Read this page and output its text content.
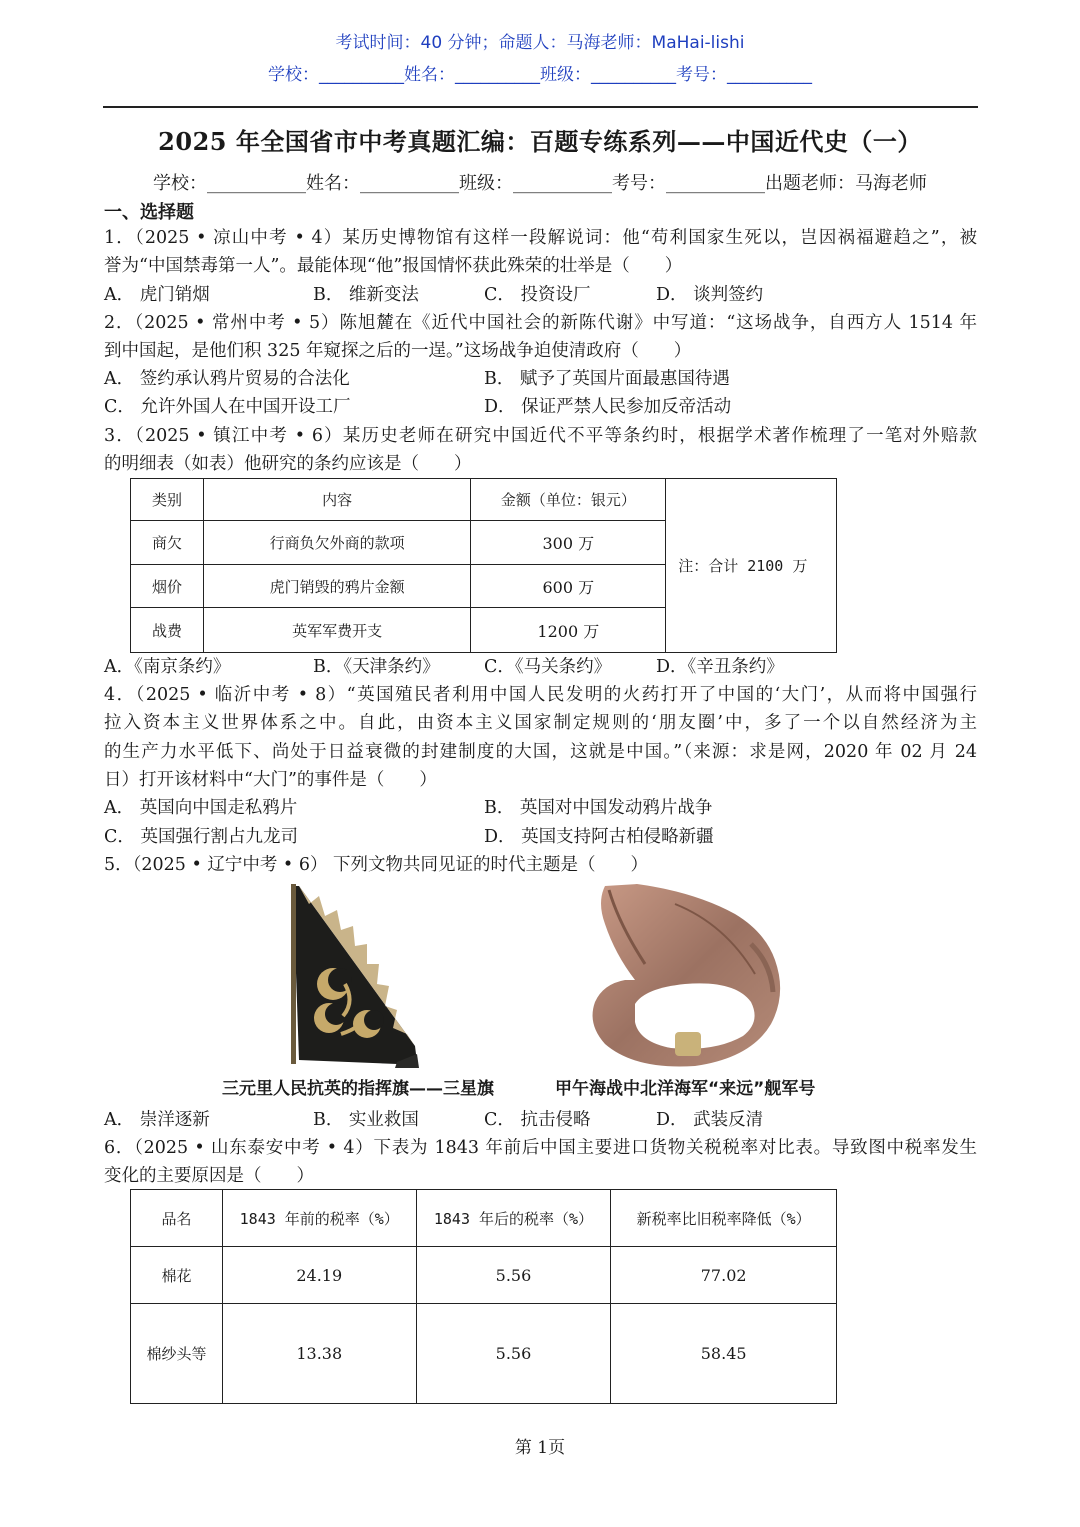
考试时间：40 分钟；命题人：马海老师：MaHai-lishi
学校：__________姓名：__________班级：__________考号：__________
2025 年全国省市中考真题汇编：百题专练系列——中国近代史（一）
学校：___________姓名：___________班级：___________考号：___________出题老师：马海老师
一、选择题
1．（2025 • 凉山中考 • 4）某历史博物馆有这样一段解说词：他“苟利国家生死以，岂因祸福避趋之”，被
誉为“中国禁毒第一人”。最能体现“他”报国情怀获此殊荣的壮举是（　　）
A． 虎门销烟	B． 维新变法	C． 投资设厂	D． 谈判签约
2．（2025 • 常州中考 • 5）陈旭麓在《近代中国社会的新陈代谢》中写道：“这场战争，自西方人 1514 年
到中国起，是他们积 325 年窥探之后的一逞。”这场战争迫使清政府（　　）
A． 签约承认鸦片贸易的合法化	B． 赋予了英国片面最惠国待遇
C． 允许外国人在中国开设工厂	D． 保证严禁人民参加反帝活动
3．（2025 • 镇江中考 • 6）某历史老师在研究中国近代不平等条约时，根据学术著作梳理了一笔对外赔款
的明细表（如表）他研究的条约应该是（　　）
类别	内容	金额（单位：银元）	注：合计 2100 万
商欠	行商负欠外商的款项	300 万	
烟价	虎门销毁的鸦片金额	600 万	
战费	英军军费开支	1200 万	
A．《南京条约》	B．《天津条约》	C．《马关条约》	D．《辛丑条约》
4．（2025 • 临沂中考 • 8）“英国殖民者利用中国人民发明的火药打开了中国的‘大门’，从而将中国强行
拉入资本主义世界体系之中。自此，由资本主义国家制定规则的‘朋友圈’中，多了一个以自然经济为主
的生产力水平低下、尚处于日益衰微的封建制度的大国，这就是中国。”（来源：求是网，2020 年 02 月 24
日）打开该材料中“大门”的事件是（　　）
A． 英国向中国走私鸦片	B． 英国对中国发动鸦片战争
C． 英国强行割占九龙司	D． 英国支持阿古柏侵略新疆
5．（2025 • 辽宁中考 • 6） 下列文物共同见证的时代主题是（　　）
三元里人民抗英的指挥旗——三星旗	甲午海战中北洋海军“来远”舰军号
A． 崇洋逐新	B． 实业救国	C． 抗击侵略	D． 武装反清
6．（2025 • 山东泰安中考 • 4）下表为 1843 年前后中国主要进口货物关税税率对比表。导致图中税率发生
变化的主要原因是（　　）
品名	1843 年前的税率（%）	1843 年后的税率（%）	新税率比旧税率降低（%）
棉花	24.19	5.56	77.02
棉纱头等	13.38	5.56	58.45
第 1页
